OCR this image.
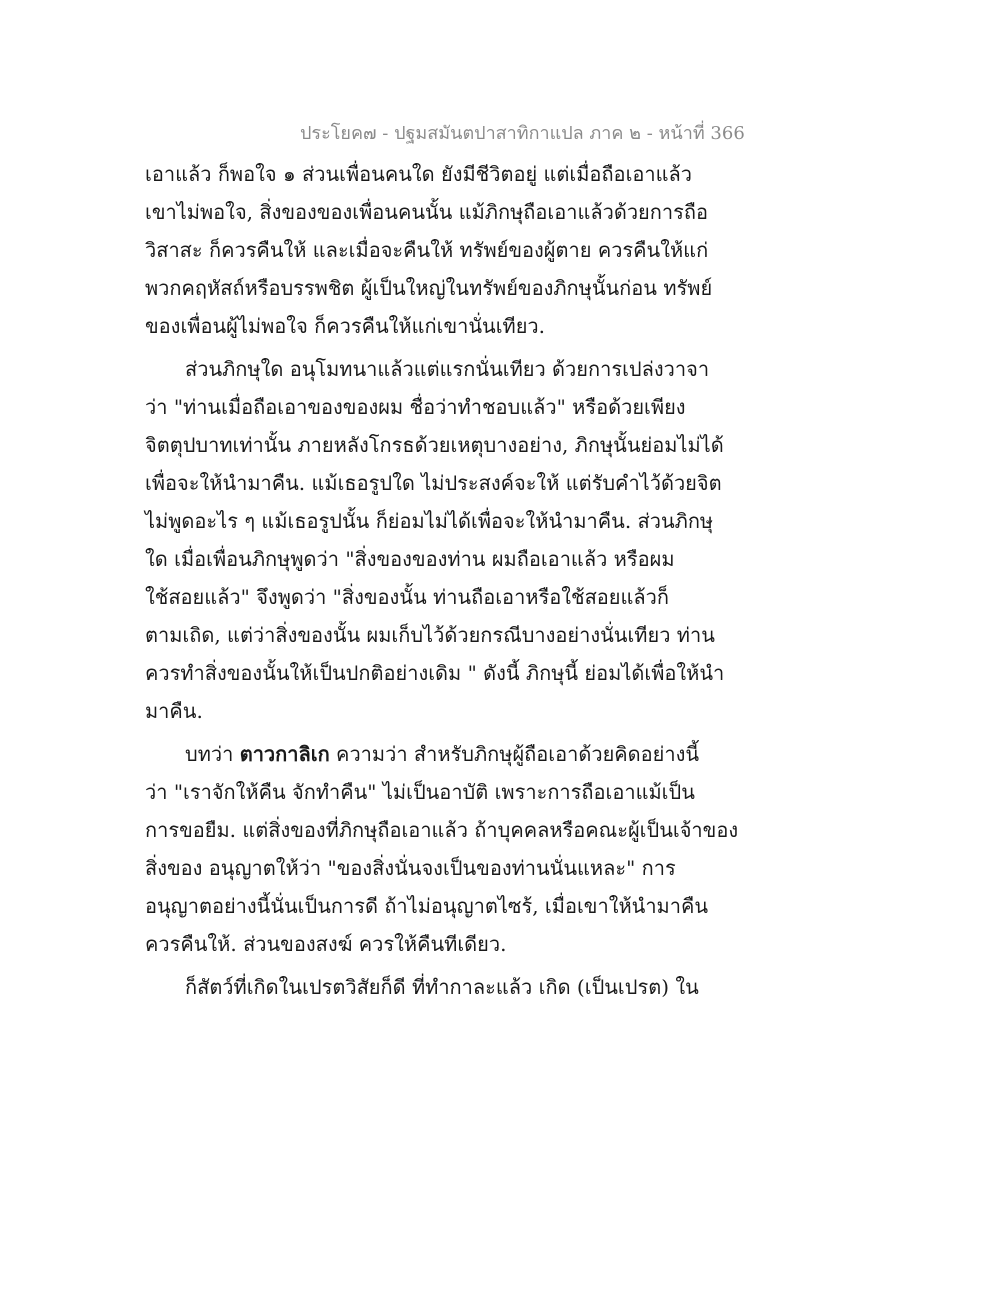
ประโยค๗ - ปฐมสมันตปาสาทิกาแปล ภาค ๒ - หน้าที่ 366
เอาแล้ว ก็พอใจ ๑ ส่วนเพื่อนคนใด ยังมีชีวิตอยู่ แต่เมื่อถือเอาแล้ว
เขาไม่พอใจ, สิ่งของของเพื่อนคนนั้น แม้ภิกษุถือเอาแล้วด้วยการถือ
วิสาสะ ก็ควรคืนให้ และเมื่อจะคืนให้ ทรัพย์ของผู้ตาย ควรคืนให้แก่
พวกคฤหัสถ์หรือบรรพชิต ผู้เป็นใหญ่ในทรัพย์ของภิกษุนั้นก่อน ทรัพย์
ของเพื่อนผู้ไม่พอใจ ก็ควรคืนให้แก่เขานั่นเทียว.
ส่วนภิกษุใด อนุโมทนาแล้วแต่แรกนั่นเทียว ด้วยการเปล่งวาจา
ว่า "ท่านเมื่อถือเอาของของผม ชื่อว่าทำชอบแล้ว" หรือด้วยเพียง
จิตตุปบาทเท่านั้น ภายหลังโกรธด้วยเหตุบางอย่าง, ภิกษุนั้นย่อมไม่ได้
เพื่อจะให้นำมาคืน. แม้เธอรูปใด ไม่ประสงค์จะให้ แต่รับคำไว้ด้วยจิต
ไม่พูดอะไร ๆ แม้เธอรูปนั้น ก็ย่อมไม่ได้เพื่อจะให้นำมาคืน. ส่วนภิกษุ
ใด เมื่อเพื่อนภิกษุพูดว่า "สิ่งของของท่าน ผมถือเอาแล้ว หรือผม
ใช้สอยแล้ว" จึงพูดว่า "สิ่งของนั้น ท่านถือเอาหรือใช้สอยแล้วก็
ตามเถิด, แต่ว่าสิ่งของนั้น ผมเก็บไว้ด้วยกรณีบางอย่างนั่นเทียว ท่าน
ควรทำสิ่งของนั้นให้เป็นปกติอย่างเดิม " ดังนี้ ภิกษุนี้ ย่อมได้เพื่อให้นำ
มาคืน.
บทว่า ตาวกาลิเก ความว่า สำหรับภิกษุผู้ถือเอาด้วยคิดอย่างนี้
ว่า "เราจักให้คืน จักทำคืน" ไม่เป็นอาบัติ เพราะการถือเอาแม้เป็น
การขอยืม. แต่สิ่งของที่ภิกษุถือเอาแล้ว ถ้าบุคคลหรือคณะผู้เป็นเจ้าของ
สิ่งของ อนุญาตให้ว่า "ของสิ่งนั่นจงเป็นของท่านนั่นแหละ" การ
อนุญาตอย่างนี้นั่นเป็นการดี ถ้าไม่อนุญาตไซร้, เมื่อเขาให้นำมาคืน
ควรคืนให้. ส่วนของสงฆ์ ควรให้คืนทีเดียว.
ก็สัตว์ที่เกิดในเปรตวิสัยก็ดี ที่ทำกาละแล้ว เกิด (เป็นเปรต) ใน
